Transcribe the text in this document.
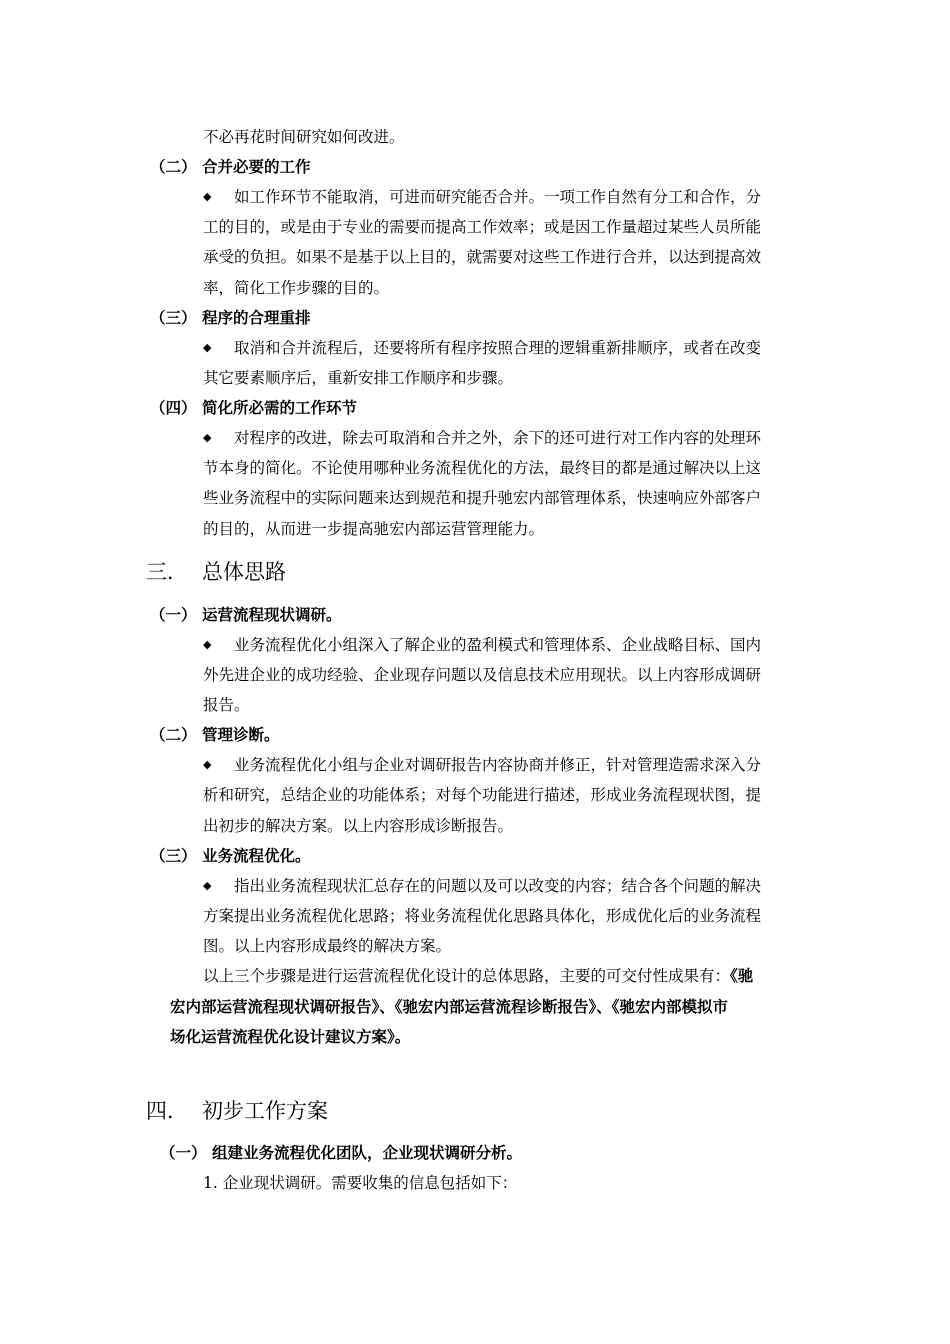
不必再花时间研究如何改进。
（二） 合并必要的工作
◆ 如工作环节不能取消，可进而研究能否合并。一项工作自然有分工和合作，分
工的目的，或是由于专业的需要而提高工作效率；或是因工作量超过某些人员所能
承受的负担。如果不是基于以上目的，就需要对这些工作进行合并，以达到提高效
率，简化工作步骤的目的。
（三） 程序的合理重排
◆ 取消和合并流程后，还要将所有程序按照合理的逻辑重新排顺序，或者在改变
其它要素顺序后，重新安排工作顺序和步骤。
（四） 简化所必需的工作环节
◆ 对程序的改进，除去可取消和合并之外，余下的还可进行对工作内容的处理环
节本身的简化。不论使用哪种业务流程优化的方法，最终目的都是通过解决以上这
些业务流程中的实际问题来达到规范和提升驰宏内部管理体系，快速响应外部客户
的目的，从而进一步提高驰宏内部运营管理能力。
三． 总体思路
（一） 运营流程现状调研。
◆ 业务流程优化小组深入了解企业的盈利模式和管理体系、企业战略目标、国内
外先进企业的成功经验、企业现存问题以及信息技术应用现状。以上内容形成调研
报告。
（二） 管理诊断。
◆ 业务流程优化小组与企业对调研报告内容协商并修正，针对管理造需求深入分
析和研究，总结企业的功能体系；对每个功能进行描述，形成业务流程现状图，提
出初步的解决方案。以上内容形成诊断报告。
（三） 业务流程优化。
◆ 指出业务流程现状汇总存在的问题以及可以改变的内容；结合各个问题的解决
方案提出业务流程优化思路；将业务流程优化思路具体化，形成优化后的业务流程
图。以上内容形成最终的解决方案。
以上三个步骤是进行运营流程优化设计的总体思路，主要的可交付性成果有：《驰
宏内部运营流程现状调研报告》、《驰宏内部运营流程诊断报告》、《驰宏内部模拟市
场化运营流程优化设计建议方案》。
四． 初步工作方案
（一） 组建业务流程优化团队，企业现状调研分析。
1. 企业现状调研。需要收集的信息包括如下：
